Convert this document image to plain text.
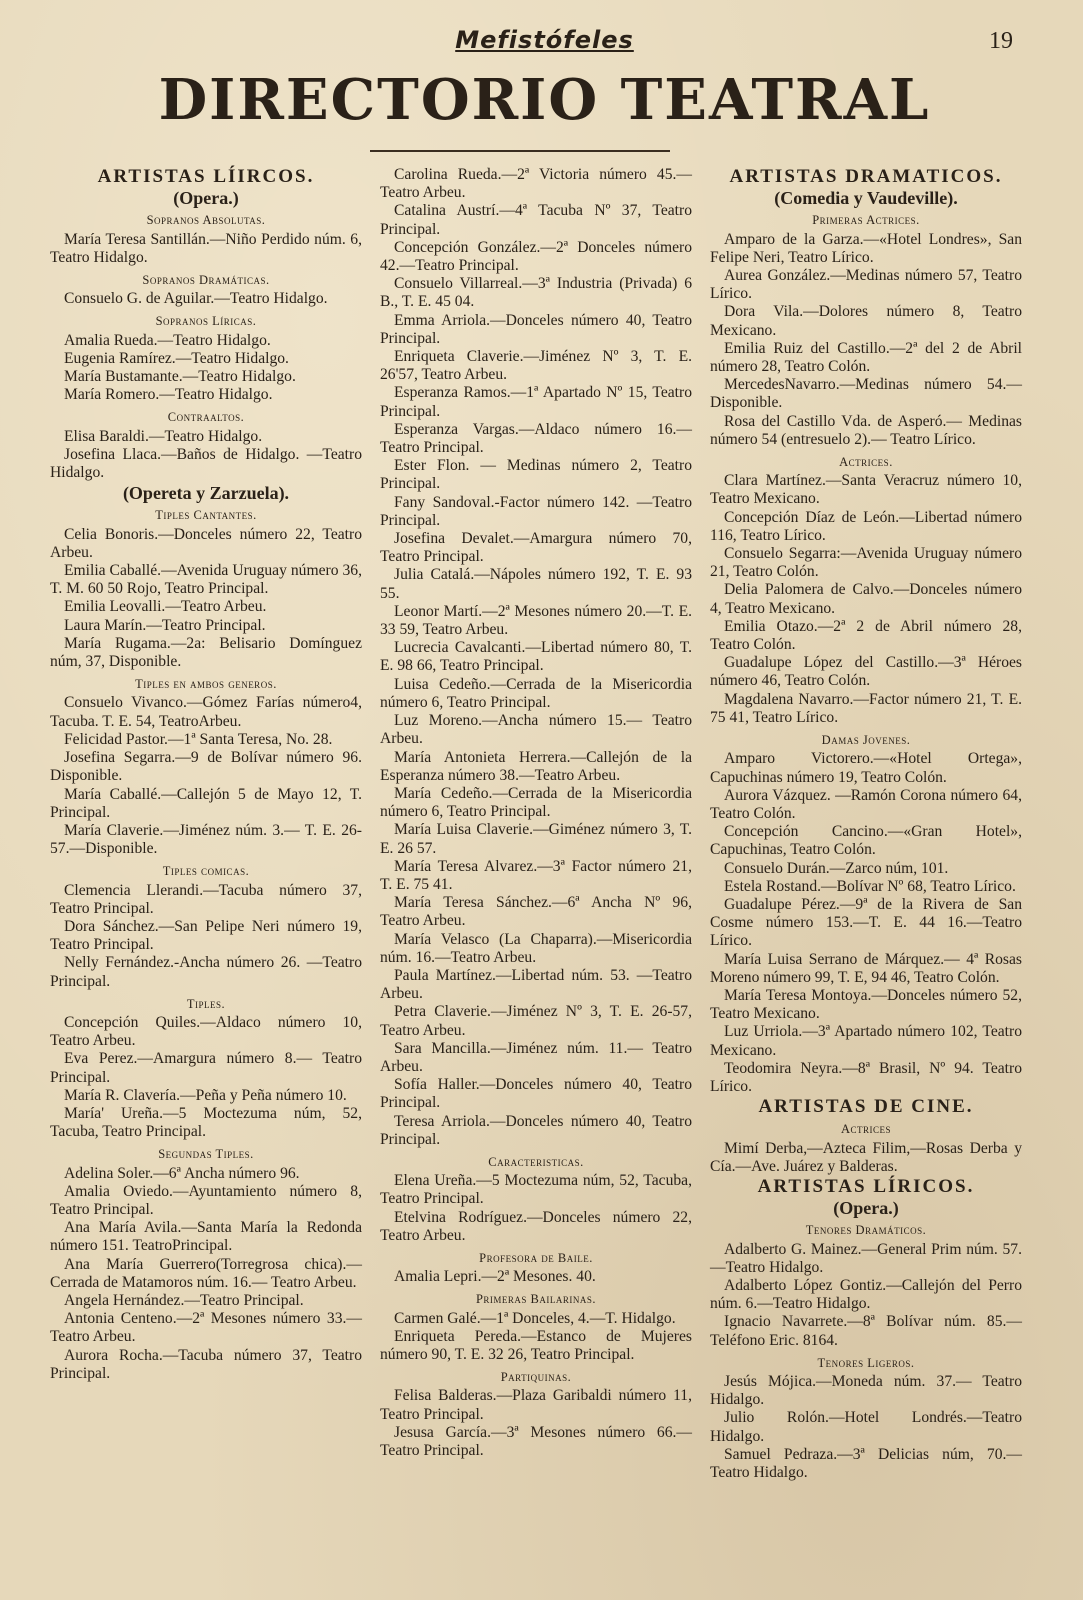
Mefistófeles	19
DIRECTORIO TEATRAL
ARTISTAS LÍIRCOS.
(Opera.)
Sopranos Absolutas.
María Teresa Santillán.—Niño Perdido núm. 6, Teatro Hidalgo.
Sopranos Dramáticas.
Consuelo G. de Aguilar.—Teatro Hidalgo.
Sopranos Líricas.
Amalia Rueda.—Teatro Hidalgo.
Eugenia Ramírez.—Teatro Hidalgo.
María Bustamante.—Teatro Hidalgo.
María Romero.—Teatro Hidalgo.
Contraaltos.
Elisa Baraldi.—Teatro Hidalgo.
Josefina Llaca.—Baños de Hidalgo. —Teatro Hidalgo.
(Opereta y Zarzuela).
Tiples Cantantes.
Celia Bonoris.—Donceles número 22, Teatro Arbeu.
Emilia Caballé.—Avenida Uruguay número 36, T. M. 60 50 Rojo, Teatro Principal.
Emilia Leovalli.—Teatro Arbeu.
Laura Marín.—Teatro Principal.
María Rugama.—2a: Belisario Domínguez núm, 37, Disponible.
Tiples en ambos generos.
Consuelo Vivanco.—Gómez Farías número4, Tacuba. T. E. 54, TeatroArbeu.
Felicidad Pastor.—1ª Santa Teresa, No. 28.
Josefina Segarra.—9 de Bolívar número 96. Disponible.
María Caballé.—Callejón 5 de Mayo 12, T. Principal.
María Claverie.—Jiménez núm. 3.— T. E. 26-57.—Disponible.
Tiples comicas.
Clemencia Llerandi.—Tacuba número 37, Teatro Principal.
Dora Sánchez.—San Pelipe Neri número 19, Teatro Principal.
Nelly Fernández.-Ancha número 26. —Teatro Principal.
Tiples.
Concepción Quiles.—Aldaco número 10, Teatro Arbeu.
Eva Perez.—Amargura número 8.— Teatro Principal.
María R. Clavería.—Peña y Peña número 10.
María' Ureña.—5 Moctezuma núm, 52, Tacuba, Teatro Principal.
Segundas Tiples.
Adelina Soler.—6ª Ancha número 96.
Amalia Oviedo.—Ayuntamiento número 8, Teatro Principal.
Ana María Avila.—Santa María la Redonda número 151. TeatroPrincipal.
Ana María Guerrero(Torregrosa chica).—Cerrada de Matamoros núm. 16.— Teatro Arbeu.
Angela Hernández.—Teatro Principal.
Antonia Centeno.—2ª Mesones número 33.—Teatro Arbeu.
Aurora Rocha.—Tacuba número 37, Teatro Principal.
Carolina Rueda.—2ª Victoria número 45.—Teatro Arbeu.
Catalina Austrí.—4ª Tacuba Nº 37, Teatro Principal.
Concepción González.—2ª Donceles número 42.—Teatro Principal.
Consuelo Villarreal.—3ª Industria (Privada) 6 B., T. E. 45 04.
Emma Arriola.—Donceles número 40, Teatro Principal.
Enriqueta Claverie.—Jiménez Nº 3, T. E. 26'57, Teatro Arbeu.
Esperanza Ramos.—1ª Apartado Nº 15, Teatro Principal.
Esperanza Vargas.—Aldaco número 16.—Teatro Principal.
Ester Flon. — Medinas número 2, Teatro Principal.
Fany Sandoval.-Factor número 142. —Teatro Principal.
Josefina Devalet.—Amargura número 70, Teatro Principal.
Julia Catalá.—Nápoles número 192, T. E. 93 55.
Leonor Martí.—2ª Mesones número 20.—T. E. 33 59, Teatro Arbeu.
Lucrecia Cavalcanti.—Libertad número 80, T. E. 98 66, Teatro Principal.
Luisa Cedeño.—Cerrada de la Misericordia número 6, Teatro Principal.
Luz Moreno.—Ancha número 15.— Teatro Arbeu.
María Antonieta Herrera.—Callejón de la Esperanza número 38.—Teatro Arbeu.
María Cedeño.—Cerrada de la Misericordia número 6, Teatro Principal.
María Luisa Claverie.—Giménez número 3, T. E. 26 57.
María Teresa Alvarez.—3ª Factor número 21, T. E. 75 41.
María Teresa Sánchez.—6ª Ancha Nº 96, Teatro Arbeu.
María Velasco (La Chaparra).—Misericordia núm. 16.—Teatro Arbeu.
Paula Martínez.—Libertad núm. 53. —Teatro Arbeu.
Petra Claverie.—Jiménez Nº 3, T. E. 26-57, Teatro Arbeu.
Sara Mancilla.—Jiménez núm. 11.— Teatro Arbeu.
Sofía Haller.—Donceles número 40, Teatro Principal.
Teresa Arriola.—Donceles número 40, Teatro Principal.
Caracteristicas.
Elena Ureña.—5 Moctezuma núm, 52, Tacuba, Teatro Principal.
Etelvina Rodríguez.—Donceles número 22, Teatro Arbeu.
Profesora de Baile.
Amalia Lepri.—2ª Mesones. 40.
Primeras Bailarinas.
Carmen Galé.—1ª Donceles, 4.—T. Hidalgo.
Enriqueta Pereda.—Estanco de Mujeres número 90, T. E. 32 26, Teatro Principal.
Partiquinas.
Felisa Balderas.—Plaza Garibaldi número 11, Teatro Principal.
Jesusa García.—3ª Mesones número 66.—Teatro Principal.
ARTISTAS DRAMATICOS.
(Comedia y Vaudeville).
Primeras Actrices.
Amparo de la Garza.—«Hotel Londres», San Felipe Neri, Teatro Lírico.
Aurea González.—Medinas número 57, Teatro Lírico.
Dora Vila.—Dolores número 8, Teatro Mexicano.
Emilia Ruiz del Castillo.—2ª del 2 de Abril número 28, Teatro Colón.
MercedesNavarro.—Medinas número 54.—Disponible.
Rosa del Castillo Vda. de Asperó.— Medinas número 54 (entresuelo 2).— Teatro Lírico.
Actrices.
Clara Martínez.—Santa Veracruz número 10, Teatro Mexicano.
Concepción Díaz de León.—Libertad número 116, Teatro Lírico.
Consuelo Segarra:—Avenida Uruguay número 21, Teatro Colón.
Delia Palomera de Calvo.—Donceles número 4, Teatro Mexicano.
Emilia Otazo.—2ª 2 de Abril número 28, Teatro Colón.
Guadalupe López del Castillo.—3ª Héroes número 46, Teatro Colón.
Magdalena Navarro.—Factor número 21, T. E. 75 41, Teatro Lírico.
Damas Jovenes.
Amparo Victorero.—«Hotel Ortega», Capuchinas número 19, Teatro Colón.
Aurora Vázquez. —Ramón Corona número 64, Teatro Colón.
Concepción Cancino.—«Gran Hotel», Capuchinas, Teatro Colón.
Consuelo Durán.—Zarco núm, 101.
Estela Rostand.—Bolívar Nº 68, Teatro Lírico.
Guadalupe Pérez.—9ª de la Rivera de San Cosme número 153.—T. E. 44 16.—Teatro Lírico.
María Luisa Serrano de Márquez.— 4ª Rosas Moreno número 99, T. E, 94 46, Teatro Colón.
María Teresa Montoya.—Donceles número 52, Teatro Mexicano.
Luz Urriola.—3ª Apartado número 102, Teatro Mexicano.
Teodomira Neyra.—8ª Brasil, Nº 94. Teatro Lírico.
ARTISTAS DE CINE.
Actrices
Mimí Derba,—Azteca Filim,—Rosas Derba y Cía.—Ave. Juárez y Balderas.
ARTISTAS LÍRICOS.
(Opera.)
Tenores Dramáticos.
Adalberto G. Mainez.—General Prim núm. 57.—Teatro Hidalgo.
Adalberto López Gontiz.—Callejón del Perro núm. 6.—Teatro Hidalgo.
Ignacio Navarrete.—8ª Bolívar núm. 85.—Teléfono Eric. 8164.
Tenores Ligeros.
Jesús Mójica.—Moneda núm. 37.— Teatro Hidalgo.
Julio Rolón.—Hotel Londrés.—Teatro Hidalgo.
Samuel Pedraza.—3ª Delicias núm, 70.—Teatro Hidalgo.
